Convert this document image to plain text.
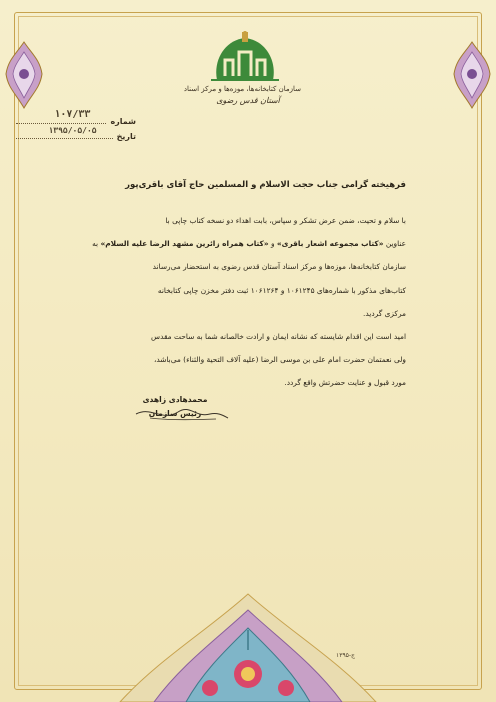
سازمان کتابخانه‌ها، موزه‌ها و مرکز اسناد
آستان قدس رضوی
شماره
۱۰۷/۳۳
تاریخ
۱۳۹۵/۰۵/۰۵
فرهیخته گرامی جناب حجت الاسلام و المسلمین حاج آقای باقری‌پور

با سلام و تحیت، ضمن عرض تشکر و سپاس، بابت اهداء دو نسخه کتاب چاپی با

عناوین «کتاب مجموعه اشعار باقری» و «کتاب همراه زائرین مشهد الرضا علیه السلام» به

سازمان کتابخانه‌ها، موزه‌ها و مرکز اسناد آستان قدس رضوی به استحضار می‌رساند

کتاب‌های مذکور با شماره‌های ۱۰۶۱۲۴۵ و ۱۰۶۱۲۶۴ ثبت دفتر مخزن چاپی کتابخانه

مرکزی گردید.

امید است این اقدام شایسته که نشانه ایمان و ارادت خالصانه شما به ساحت مقدس

ولی نعمتمان حضرت امام علی بن موسی الرضا (علیه آلاف التحیة والثناء) می‌باشد،

مورد قبول و عنایت حضرتش واقع گردد.

محمدهادی زاهدی
رئیس سازمان
ج-۱۳۹۵
